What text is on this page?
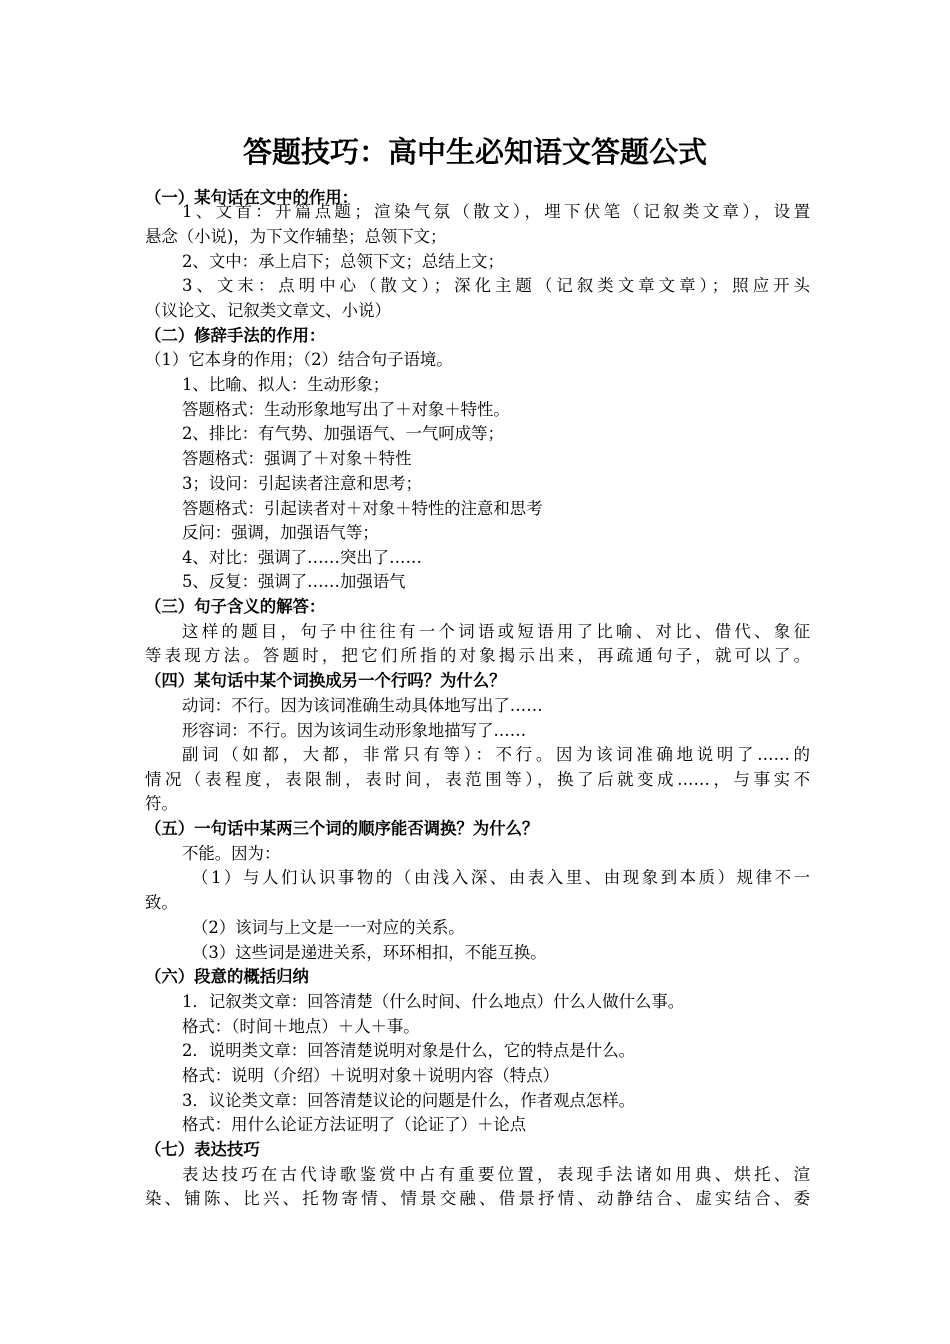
答题技巧：高中生必知语文答题公式
（一）某句话在文中的作用：
1、文首：开篇点题；渲染气氛（散文），埋下伏笔（记叙类文章），设置
悬念（小说)，为下文作辅垫；总领下文；
2、文中：承上启下；总领下文；总结上文；
3、文末：点明中心（散文）；深化主题（记叙类文章文章）；照应开头
（议论文、记叙类文章文、小说）
（二）修辞手法的作用：
（1）它本身的作用；（2）结合句子语境。
1、比喻、拟人：生动形象；
答题格式：生动形象地写出了＋对象＋特性。
2、排比：有气势、加强语气、一气呵成等；
答题格式：强调了＋对象＋特性
3；设问：引起读者注意和思考；
答题格式：引起读者对＋对象＋特性的注意和思考
反问：强调，加强语气等；
4、对比：强调了……突出了……
5、反复：强调了……加强语气
（三）句子含义的解答：
这样的题目，句子中往往有一个词语或短语用了比喻、对比、借代、象征
等表现方法。答题时，把它们所指的对象揭示出来，再疏通句子，就可以了。
（四）某句话中某个词换成另一个行吗？为什么？
动词：不行。因为该词准确生动具体地写出了……
形容词：不行。因为该词生动形象地描写了……
副词（如都，大都，非常只有等）：不行。因为该词准确地说明了……的
情况（表程度，表限制，表时间，表范围等），换了后就变成……，与事实不
符。
（五）一句话中某两三个词的顺序能否调换？为什么？
不能。因为：
（1）与人们认识事物的（由浅入深、由表入里、由现象到本质）规律不一
致。
（2）该词与上文是一一对应的关系。
（3）这些词是递进关系，环环相扣，不能互换。
（六）段意的概括归纳
1．记叙类文章：回答清楚（什么时间、什么地点）什么人做什么事。
格式：（时间＋地点）＋人＋事。
2．说明类文章：回答清楚说明对象是什么，它的特点是什么。
格式：说明（介绍）＋说明对象＋说明内容（特点）
3．议论类文章：回答清楚议论的问题是什么，作者观点怎样。
格式：用什么论证方法证明了（论证了）＋论点
（七）表达技巧
表达技巧在古代诗歌鉴赏中占有重要位置，表现手法诸如用典、烘托、渲
染、铺陈、比兴、托物寄情、情景交融、借景抒情、动静结合、虚实结合、委
